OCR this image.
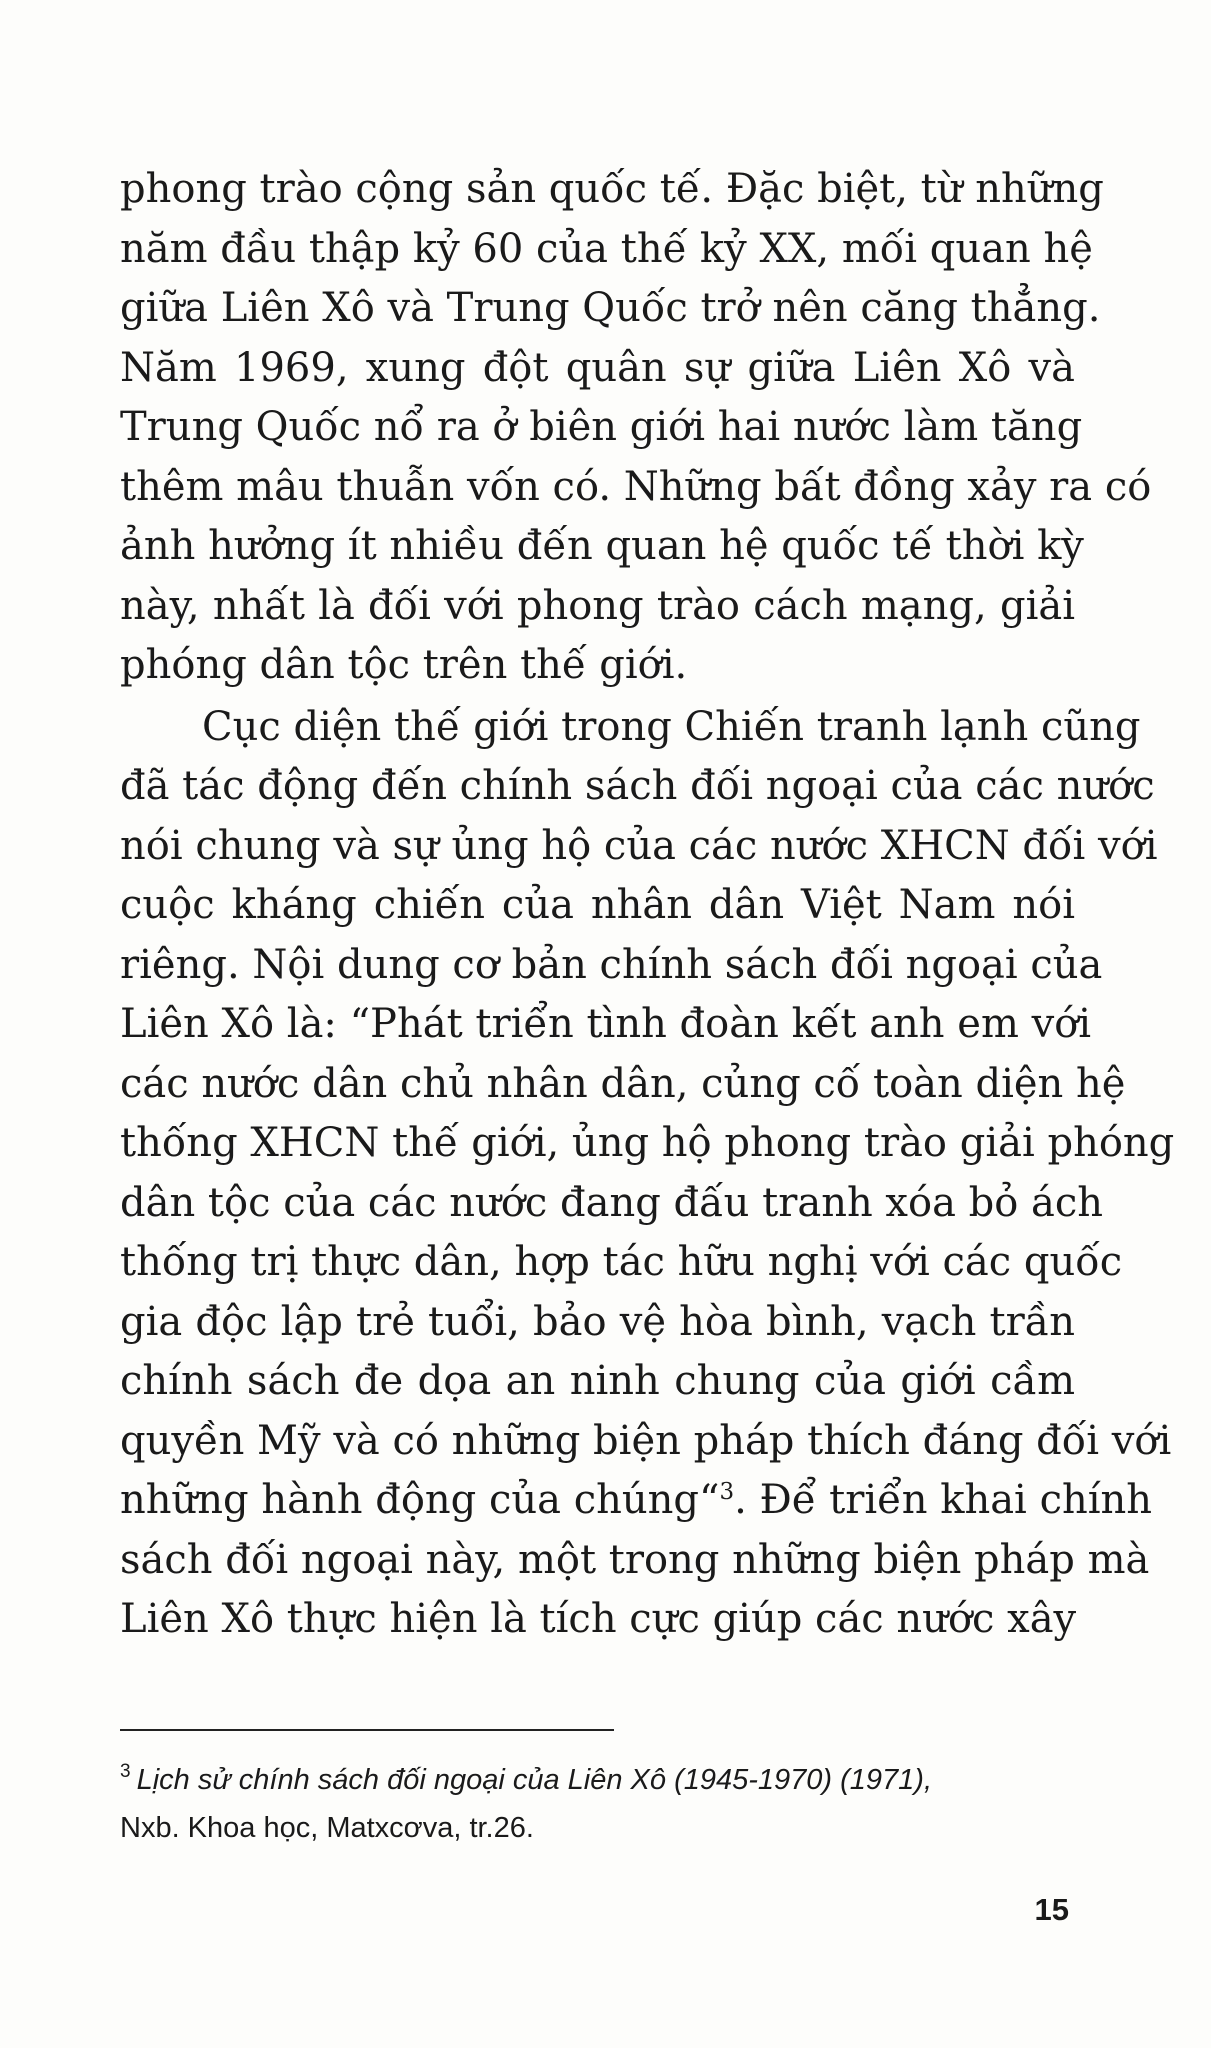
phong trào cộng sản quốc tế. Đặc biệt, từ những
năm đầu thập kỷ 60 của thế kỷ XX, mối quan hệ
giữa Liên Xô và Trung Quốc trở nên căng thẳng.
Năm 1969, xung đột quân sự giữa Liên Xô và
Trung Quốc nổ ra ở biên giới hai nước làm tăng
thêm mâu thuẫn vốn có. Những bất đồng xảy ra có
ảnh hưởng ít nhiều đến quan hệ quốc tế thời kỳ
này, nhất là đối với phong trào cách mạng, giải
phóng dân tộc trên thế giới.
Cục diện thế giới trong Chiến tranh lạnh cũng
đã tác động đến chính sách đối ngoại của các nước
nói chung và sự ủng hộ của các nước XHCN đối với
cuộc kháng chiến của nhân dân Việt Nam nói
riêng. Nội dung cơ bản chính sách đối ngoại của
Liên Xô là: “Phát triển tình đoàn kết anh em với
các nước dân chủ nhân dân, củng cố toàn diện hệ
thống XHCN thế giới, ủng hộ phong trào giải phóng
dân tộc của các nước đang đấu tranh xóa bỏ ách
thống trị thực dân, hợp tác hữu nghị với các quốc
gia độc lập trẻ tuổi, bảo vệ hòa bình, vạch trần
chính sách đe dọa an ninh chung của giới cầm
quyền Mỹ và có những biện pháp thích đáng đối với
những hành động của chúng“$^3$. Để triển khai chính
sách đối ngoại này, một trong những biện pháp mà
Liên Xô thực hiện là tích cực giúp các nước xây
$^3$ Lịch sử chính sách đối ngoại của Liên Xô (1945-1970) (1971),
Nxb. Khoa học, Matxcơva, tr.26.
15
